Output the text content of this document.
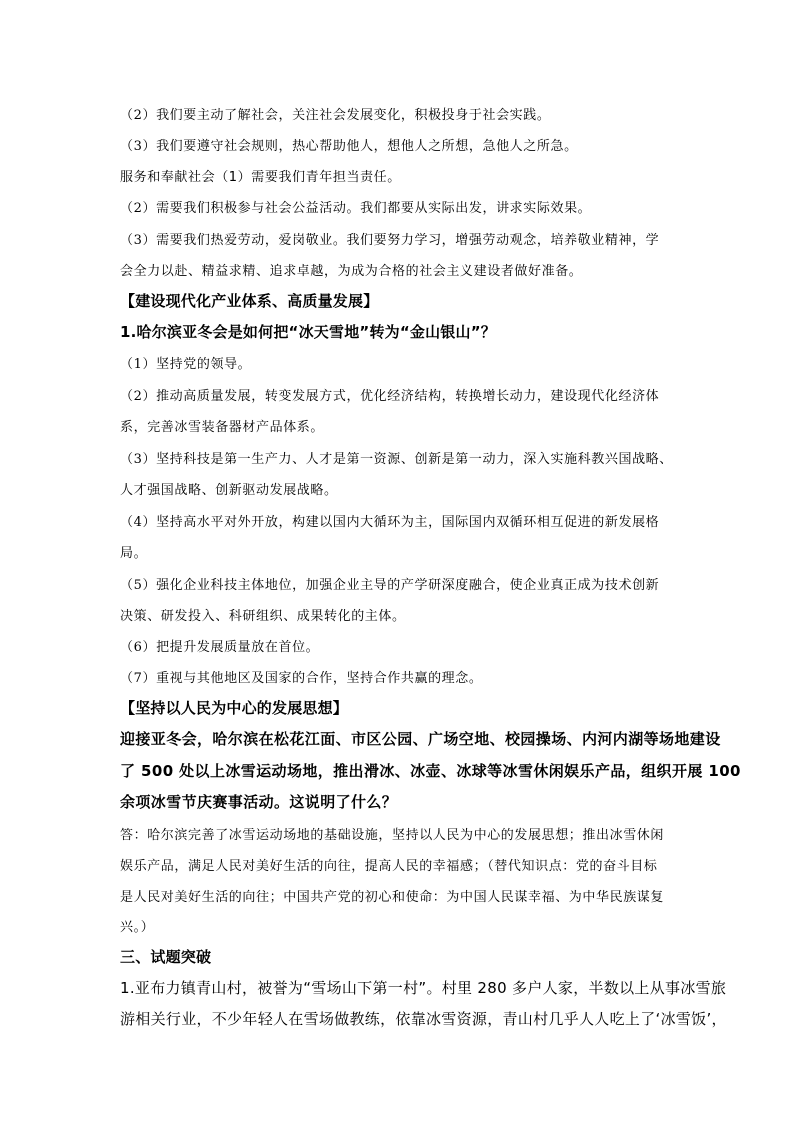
（2）我们要主动了解社会，关注社会发展变化，积极投身于社会实践。
（3）我们要遵守社会规则，热心帮助他人，想他人之所想，急他人之所急。
服务和奉献社会（1）需要我们青年担当责任。
（2）需要我们积极参与社会公益活动。我们都要从实际出发，讲求实际效果。
（3）需要我们热爱劳动，爱岗敬业。我们要努力学习，增强劳动观念，培养敬业精神，学
会全力以赴、精益求精、追求卓越，为成为合格的社会主义建设者做好准备。
【建设现代化产业体系、高质量发展】
1.哈尔滨亚冬会是如何把“冰天雪地”转为“金山银山”？
（1）坚持党的领导。
（2）推动高质量发展，转变发展方式，优化经济结构，转换增长动力，建设现代化经济体
系，完善冰雪装备器材产品体系。
（3）坚持科技是第一生产力、人才是第一资源、创新是第一动力，深入实施科教兴国战略、
人才强国战略、创新驱动发展战略。
（4）坚持高水平对外开放，构建以国内大循环为主，国际国内双循环相互促进的新发展格
局。
（5）强化企业科技主体地位，加强企业主导的产学研深度融合，使企业真正成为技术创新
决策、研发投入、科研组织、成果转化的主体。
（6）把提升发展质量放在首位。
（7）重视与其他地区及国家的合作，坚持合作共赢的理念。
【坚持以人民为中心的发展思想】
迎接亚冬会，哈尔滨在松花江面、市区公园、广场空地、校园操场、内河内湖等场地建设
了 500 处以上冰雪运动场地，推出滑冰、冰壶、冰球等冰雪休闲娱乐产品，组织开展 100
余项冰雪节庆赛事活动。这说明了什么？
答：哈尔滨完善了冰雪运动场地的基础设施，坚持以人民为中心的发展思想；推出冰雪休闲
娱乐产品，满足人民对美好生活的向往，提高人民的幸福感；（替代知识点：党的奋斗目标
是人民对美好生活的向往；中国共产党的初心和使命：为中国人民谋幸福、为中华民族谋复
兴。）
三、试题突破
1.亚布力镇青山村，被誉为“雪场山下第一村”。村里 280 多户人家，半数以上从事冰雪旅
游相关行业，不少年轻人在雪场做教练，依靠冰雪资源，青山村几乎人人吃上了‘冰雪饭’，
